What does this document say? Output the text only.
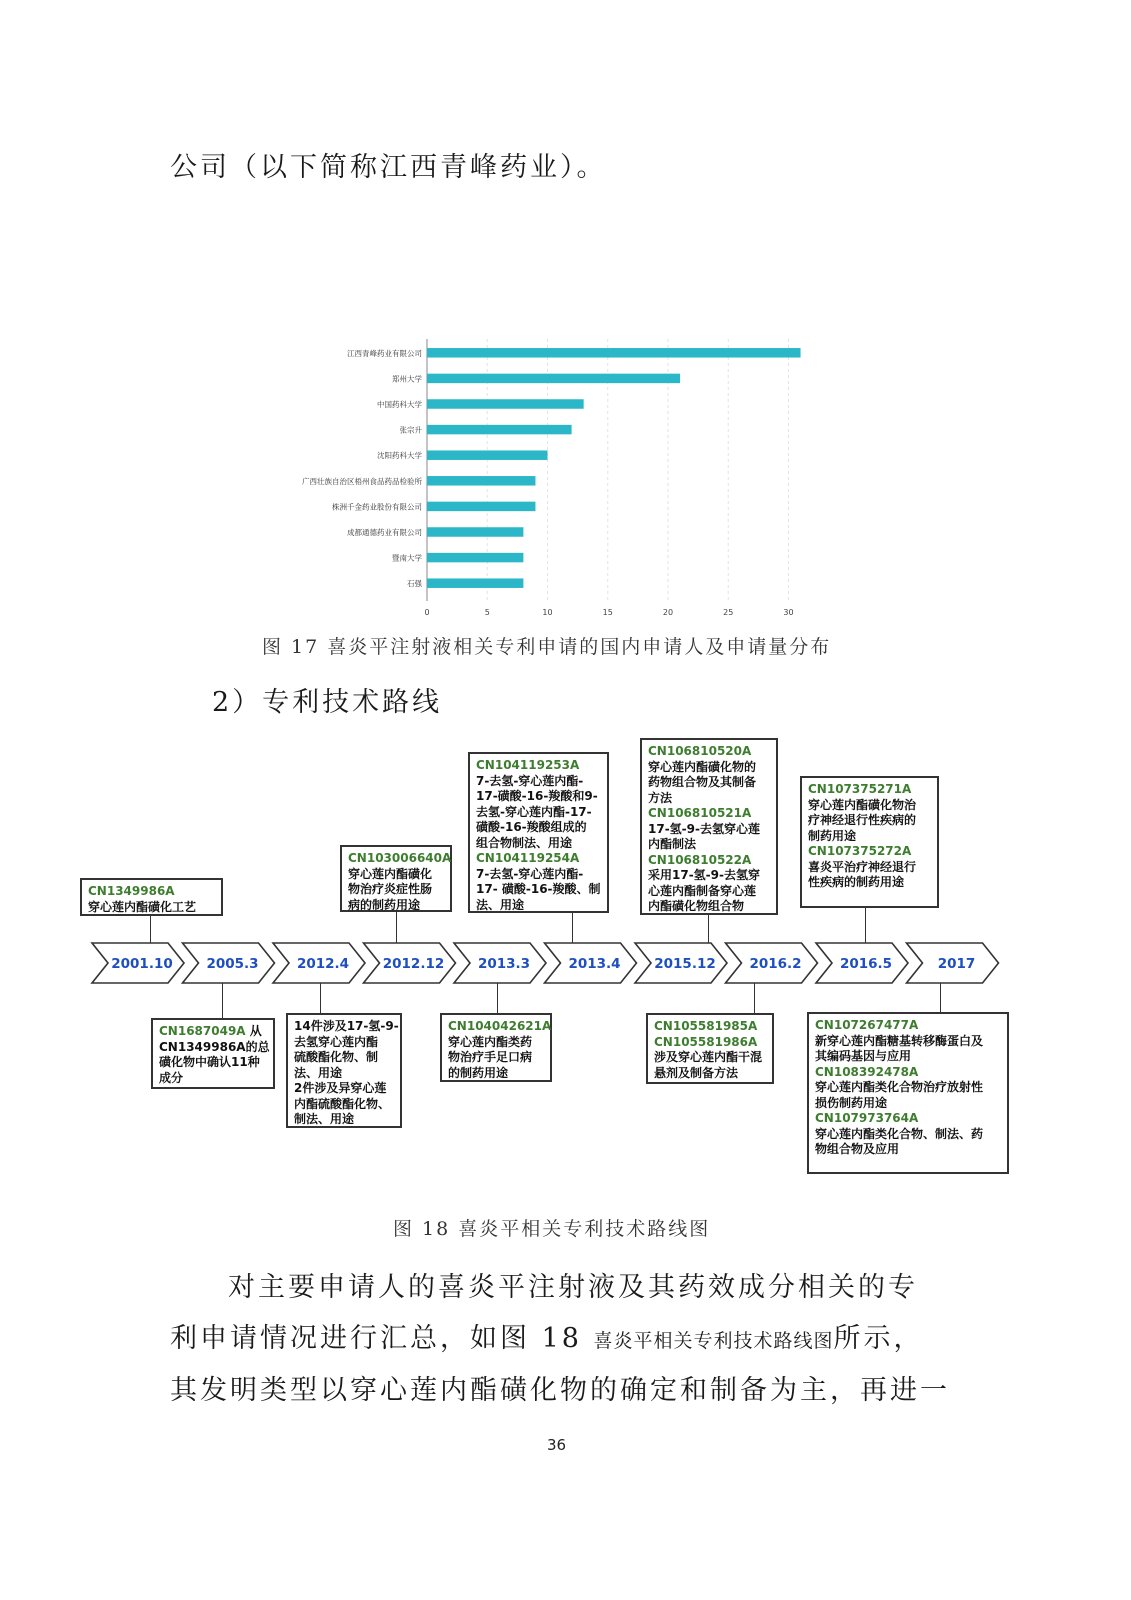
公司（以下简称江西青峰药业）。
0	5	10	15	20	25	30
江西青峰药业有限公司
郑州大学
中国药科大学
张宗升
沈阳药科大学
广西壮族自治区梧州食品药品检验所
株洲千金药业股份有限公司
成都通德药业有限公司
暨南大学
石强
图 17 喜炎平注射液相关专利申请的国内申请人及申请量分布
2）专利技术路线
CN1349986A
穿心莲内酯磺化工艺
CN103006640A
穿心莲内酯磺化
物治疗炎症性肠
病的制药用途
CN104119253A
7-去氢-穿心莲内酯-
17-磺酸-16-羧酸和9-
去氢-穿心莲内酯-17-
磺酸-16-羧酸组成的
组合物制法、用途
CN104119254A
7-去氢-穿心莲内酯-
17- 磺酸-16-羧酸、制
法、用途
CN106810520A
穿心莲内酯磺化物的
药物组合物及其制备
方法
CN106810521A
17-氢-9-去氢穿心莲
内酯制法
CN106810522A
采用17-氢-9-去氢穿
心莲内酯制备穿心莲
内酯磺化物组合物
CN107375271A
穿心莲内酯磺化物治
疗神经退行性疾病的
制药用途
CN107375272A
喜炎平治疗神经退行
性疾病的制药用途
CN1687049A 从
CN1349986A的总
磺化物中确认11种
成分
14件涉及17-氢-9-
去氢穿心莲内酯
硫酸酯化物、制
法、用途
2件涉及异穿心莲
内酯硫酸酯化物、
制法、用途
CN104042621A
穿心莲内酯类药
物治疗手足口病
的制药用途
CN105581985A
CN105581986A
涉及穿心莲内酯干混
悬剂及制备方法
CN107267477A
新穿心莲内酯糖基转移酶蛋白及
其编码基因与应用
CN108392478A
穿心莲内酯类化合物治疗放射性
损伤制药用途
CN107973764A
穿心莲内酯类化合物、制法、药
物组合物及应用
2001.10 2005.3	2012.4 2012.12 2013.3	2013.4 2015.12 2016.2	2016.5	2017
图 18 喜炎平相关专利技术路线图
对主要申请人的喜炎平注射液及其药效成分相关的专
利申请情况进行汇总，如图 18 喜炎平相关专利技术路线图所示，
其发明类型以穿心莲内酯磺化物的确定和制备为主，再进一
36
